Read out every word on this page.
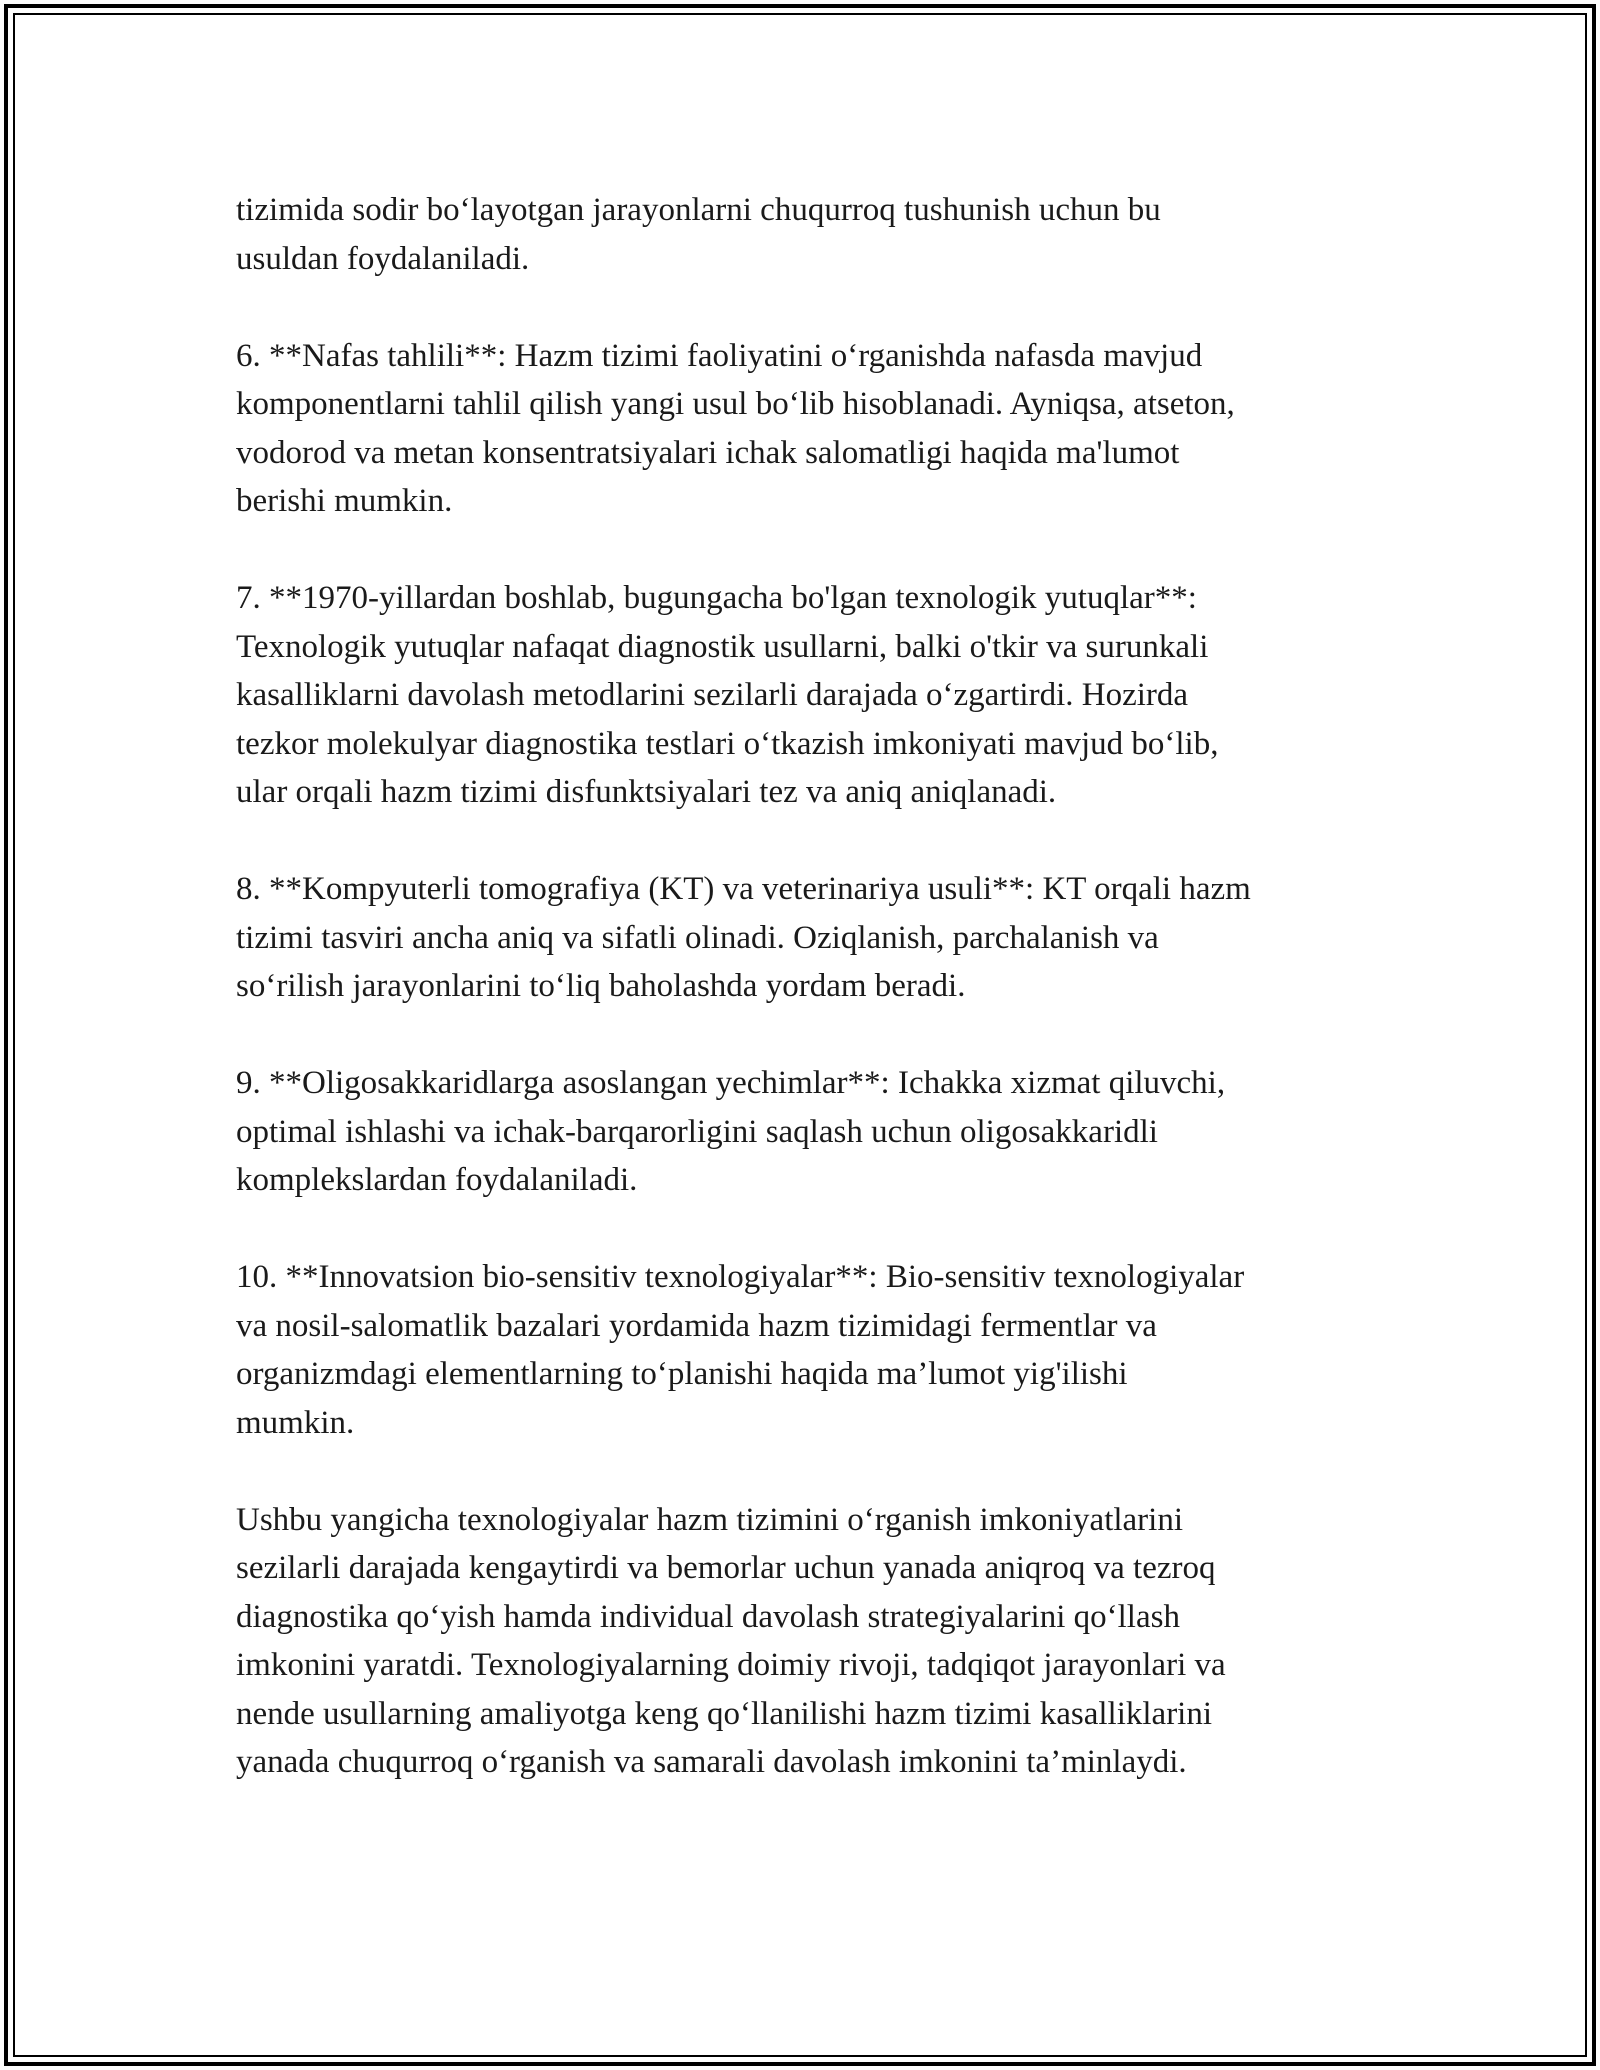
tizimida sodir bo‘layotgan jarayonlarni chuqurroq tushunish uchun bu
usuldan foydalaniladi.

6. **Nafas tahlili**: Hazm tizimi faoliyatini o‘rganishda nafasda mavjud
komponentlarni tahlil qilish yangi usul bo‘lib hisoblanadi. Ayniqsa, atseton,
vodorod va metan konsentratsiyalari ichak salomatligi haqida ma'lumot
berishi mumkin.

7. **1970-yillardan boshlab, bugungacha bo'lgan texnologik yutuqlar**:
Texnologik yutuqlar nafaqat diagnostik usullarni, balki o'tkir va surunkali
kasalliklarni davolash metodlarini sezilarli darajada o‘zgartirdi. Hozirda
tezkor molekulyar diagnostika testlari o‘tkazish imkoniyati mavjud bo‘lib,
ular orqali hazm tizimi disfunktsiyalari tez va aniq aniqlanadi.

8. **Kompyuterli tomografiya (KT) va veterinariya usuli**: KT orqali hazm
tizimi tasviri ancha aniq va sifatli olinadi. Oziqlanish, parchalanish va
so‘rilish jarayonlarini to‘liq baholashda yordam beradi.

9. **Oligosakkaridlarga asoslangan yechimlar**: Ichakka xizmat qiluvchi,
optimal ishlashi va ichak-barqarorligini saqlash uchun oligosakkaridli
komplekslardan foydalaniladi.

10. **Innovatsion bio-sensitiv texnologiyalar**: Bio-sensitiv texnologiyalar
va nosil-salomatlik bazalari yordamida hazm tizimidagi fermentlar va
organizmdagi elementlarning to‘planishi haqida ma’lumot yig'ilishi
mumkin.

Ushbu yangicha texnologiyalar hazm tizimini o‘rganish imkoniyatlarini
sezilarli darajada kengaytirdi va bemorlar uchun yanada aniqroq va tezroq
diagnostika qo‘yish hamda individual davolash strategiyalarini qo‘llash
imkonini yaratdi. Texnologiyalarning doimiy rivoji, tadqiqot jarayonlari va
nende usullarning amaliyotga keng qo‘llanilishi hazm tizimi kasalliklarini
yanada chuqurroq o‘rganish va samarali davolash imkonini ta’minlaydi.
